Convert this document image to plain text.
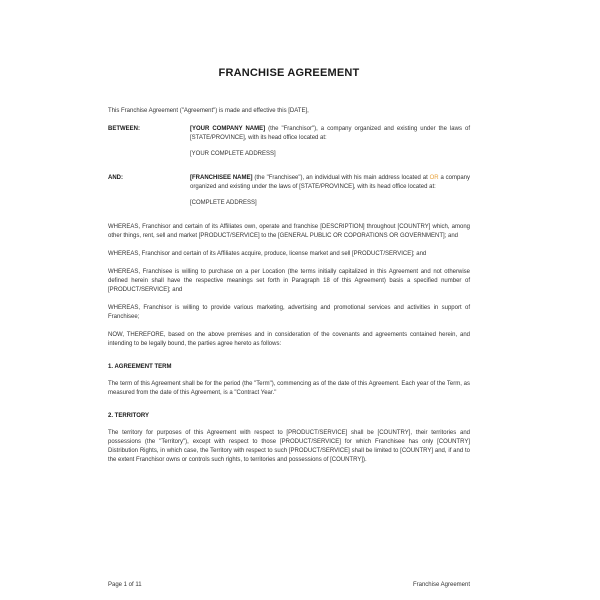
FRANCHISE AGREEMENT

This Franchise Agreement ("Agreement") is made and effective this [DATE],

BETWEEN:	[YOUR COMPANY NAME] (the "Franchisor"), a company organized and existing under the laws of [STATE/PROVINCE], with its head office located at:

[YOUR COMPLETE ADDRESS]

AND:	[FRANCHISEE NAME] (the "Franchisee"), an individual with his main address located at OR a company organized and existing under the laws of [STATE/PROVINCE], with its head office located at:

[COMPLETE ADDRESS]

WHEREAS, Franchisor and certain of its Affiliates own, operate and franchise [DESCRIPTION] throughout [COUNTRY] which, among other things, rent, sell and market [PRODUCT/SERVICE] to the [GENERAL PUBLIC OR COPORATIONS OR GOVERNMENT]; and

WHEREAS, Franchisor and certain of its Affiliates acquire, produce, license market and sell [PRODUCT/SERVICE]; and

WHEREAS, Franchisee is willing to purchase on a per Location (the terms initially capitalized in this Agreement and not otherwise defined herein shall have the respective meanings set forth in Paragraph 18 of this Agreement) basis a specified number of [PRODUCT/SERVICE]; and

WHEREAS, Franchisor is willing to provide various marketing, advertising and promotional services and activities in support of Franchisee;

NOW, THEREFORE, based on the above premises and in consideration of the covenants and agreements contained herein, and intending to be legally bound, the parties agree hereto as follows:

1. AGREEMENT TERM

The term of this Agreement shall be for the period (the "Term"), commencing as of the date of this Agreement. Each year of the Term, as measured from the date of this Agreement, is a "Contract Year."

2. TERRITORY

The territory for purposes of this Agreement with respect to [PRODUCT/SERVICE] shall be [COUNTRY], their territories and possessions (the "Territory"), except with respect to those [PRODUCT/SERVICE] for which Franchisee has only [COUNTRY] Distribution Rights, in which case, the Territory with respect to such [PRODUCT/SERVICE] shall be limited to [COUNTRY] and, if and to the extent Franchisor owns or controls such rights, to territories and possessions of [COUNTRY]).

Page 1 of 11	Franchise Agreement
